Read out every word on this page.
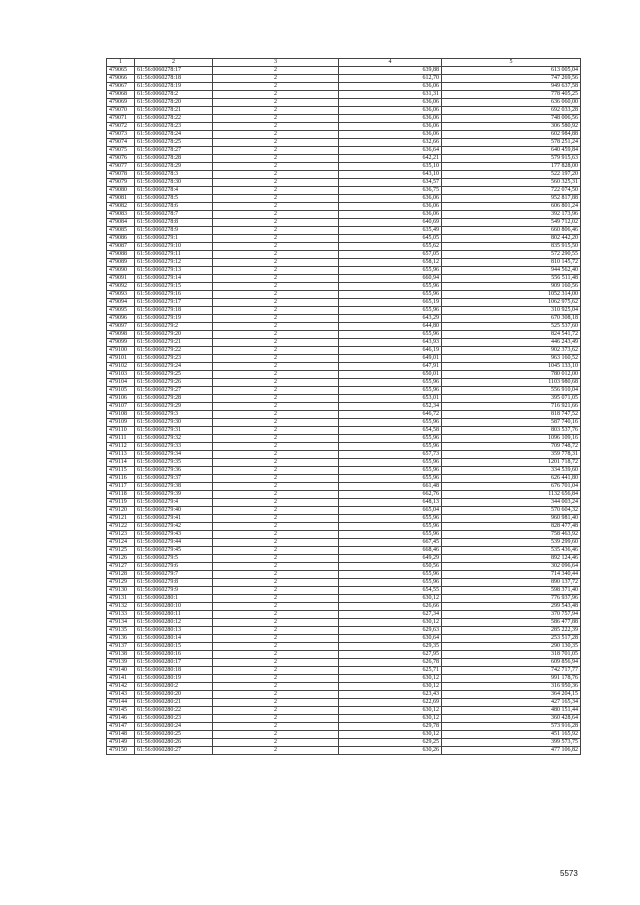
1	2	3	4	5
479065	61:56:0060278:17	2	639,88	613 005,04
479066	61:56:0060278:18	2	612,70	747 269,56
479067	61:56:0060278:19	2	636,06	949 637,58
479068	61:56:0060278:2	2	631,31	778 405,25
479069	61:56:0060278:20	2	636,06	636 060,00
479070	61:56:0060278:21	2	636,06	692 033,28
479071	61:56:0060278:22	2	636,06	748 006,56
479072	61:56:0060278:23	2	636,06	306 580,92
479073	61:56:0060278:24	2	636,06	602 984,88
479074	61:56:0060278:25	2	632,66	578 251,24
479075	61:56:0060278:27	2	636,64	640 459,84
479076	61:56:0060278:28	2	642,21	579 915,63
479077	61:56:0060278:29	2	635,10	177 828,00
479078	61:56:0060278:3	2	643,10	522 197,20
479079	61:56:0060278:30	2	634,57	560 325,31
479080	61:56:0060278:4	2	636,75	722 074,50
479081	61:56:0060278:5	2	636,06	952 817,88
479082	61:56:0060278:6	2	636,06	606 801,24
479083	61:56:0060278:7	2	636,06	392 173,96
479084	61:56:0060278:8	2	640,69	549 712,02
479085	61:56:0060278:9	2	635,49	660 806,46
479086	61:56:0060279:1	2	645,05	802 442,20
479087	61:56:0060279:10	2	655,62	835 915,50
479088	61:56:0060279:11	2	657,05	572 290,55
479089	61:56:0060279:12	2	658,12	810 145,72
479090	61:56:0060279:13	2	655,96	944 562,40
479091	61:56:0060279:14	2	660,94	556 511,48
479092	61:56:0060279:15	2	655,96	909 160,56
479093	61:56:0060279:16	2	655,96	1052 314,00
479094	61:56:0060279:17	2	665,19	1062 975,62
479095	61:56:0060279:18	2	655,96	310 925,04
479096	61:56:0060279:19	2	643,29	670 308,18
479097	61:56:0060279:2	2	644,80	525 537,60
479098	61:56:0060279:20	2	655,96	824 541,72
479099	61:56:0060279:21	2	643,93	446 243,49
479100	61:56:0060279:22	2	646,19	902 373,62
479101	61:56:0060279:23	2	649,01	963 160,52
479102	61:56:0060279:24	2	647,91	1045 133,10
479103	61:56:0060279:25	2	650,01	780 012,00
479104	61:56:0060279:26	2	655,96	1103 980,68
479105	61:56:0060279:27	2	655,96	556 910,04
479106	61:56:0060279:28	2	653,01	395 071,05
479107	61:56:0060279:29	2	652,34	716 921,66
479108	61:56:0060279:3	2	646,72	818 747,52
479109	61:56:0060279:30	2	655,96	587 740,16
479110	61:56:0060279:31	2	654,58	803 537,76
479111	61:56:0060279:32	2	655,96	1096 109,16
479112	61:56:0060279:33	2	655,96	709 748,72
479113	61:56:0060279:34	2	657,73	359 778,31
479114	61:56:0060279:35	2	655,96	1201 718,72
479115	61:56:0060279:36	2	655,96	334 539,60
479116	61:56:0060279:37	2	655,96	626 441,80
479117	61:56:0060279:38	2	661,48	676 701,04
479118	61:56:0060279:39	2	662,76	1132 656,84
479119	61:56:0060279:4	2	648,13	344 003,24
479120	61:56:0060279:40	2	665,04	570 604,32
479121	61:56:0060279:41	2	655,96	960 981,40
479122	61:56:0060279:42	2	655,96	828 477,48
479123	61:56:0060279:43	2	655,96	758 463,92
479124	61:56:0060279:44	2	667,45	539 299,60
479125	61:56:0060279:45	2	668,46	535 436,46
479126	61:56:0060279:5	2	649,29	892 124,46
479127	61:56:0060279:6	2	650,56	302 096,64
479128	61:56:0060279:7	2	655,96	714 340,44
479129	61:56:0060279:8	2	655,96	890 137,72
479130	61:56:0060279:9	2	654,55	598 371,40
479131	61:56:0060280:1	2	630,12	776 937,96
479132	61:56:0060280:10	2	626,66	299 543,48
479133	61:56:0060280:11	2	627,34	370 757,94
479134	61:56:0060280:12	2	630,12	586 477,88
479135	61:56:0060280:13	2	629,63	285 222,39
479136	61:56:0060280:14	2	630,64	253 517,28
479137	61:56:0060280:15	2	629,35	290 130,35
479138	61:56:0060280:16	2	627,95	318 701,05
479139	61:56:0060280:17	2	626,78	609 856,94
479140	61:56:0060280:18	2	625,71	742 717,77
479141	61:56:0060280:19	2	630,12	991 178,76
479142	61:56:0060280:2	2	630,12	316 950,36
479143	61:56:0060280:20	2	623,43	364 204,15
479144	61:56:0060280:21	2	622,69	427 165,34
479145	61:56:0060280:22	2	630,12	480 151,44
479146	61:56:0060280:23	2	630,12	360 428,64
479147	61:56:0060280:24	2	629,78	573 916,28
479148	61:56:0060280:25	2	630,12	451 165,92
479149	61:56:0060280:26	2	629,25	399 573,75
479150	61:56:0060280:27	2	630,26	477 106,82
5573
